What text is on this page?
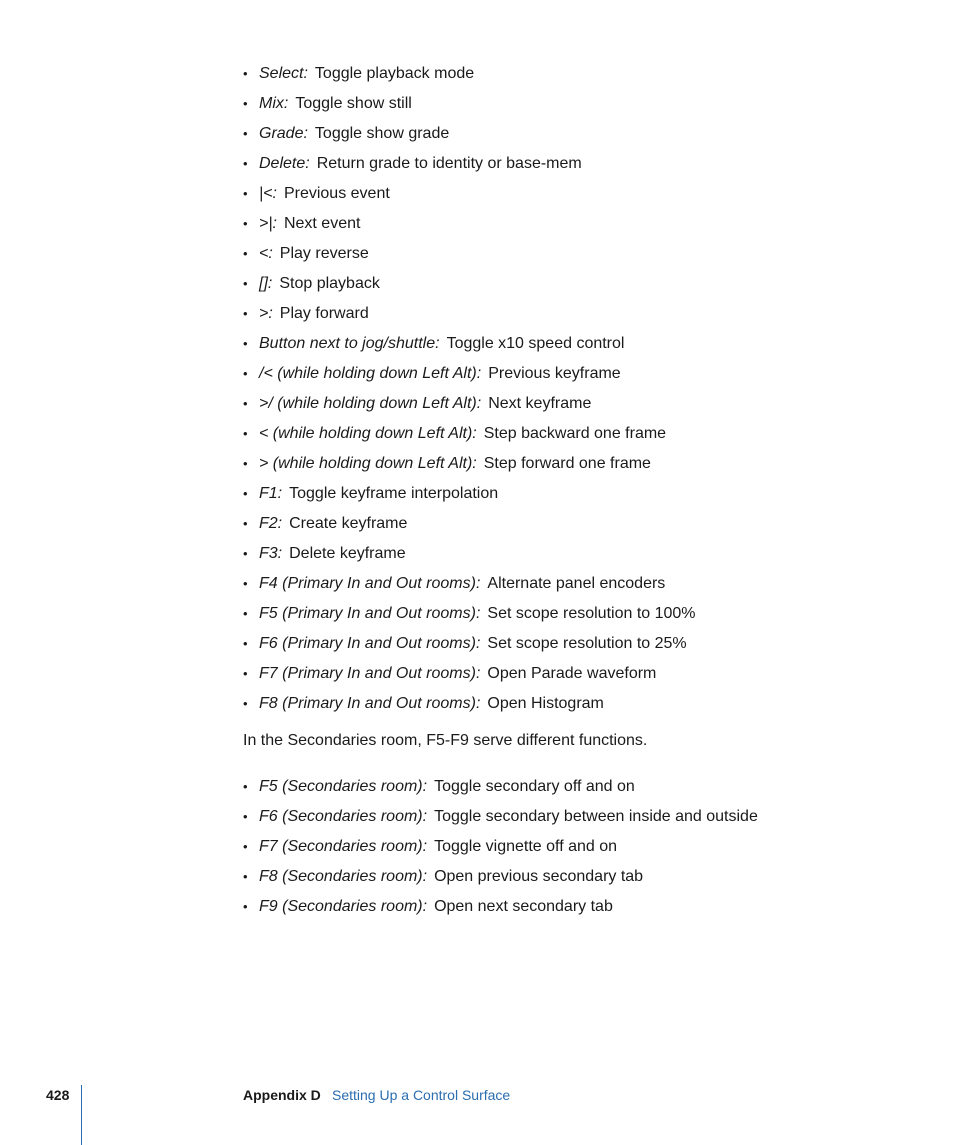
• Select: Toggle playback mode
• Mix: Toggle show still
• Grade: Toggle show grade
• Delete: Return grade to identity or base-mem
• |<: Previous event
• >|: Next event
• <: Play reverse
• []: Stop playback
• >: Play forward
• Button next to jog/shuttle: Toggle x10 speed control
• /< (while holding down Left Alt): Previous keyframe
• >/ (while holding down Left Alt): Next keyframe
• < (while holding down Left Alt): Step backward one frame
• > (while holding down Left Alt): Step forward one frame
• F1: Toggle keyframe interpolation
• F2: Create keyframe
• F3: Delete keyframe
• F4 (Primary In and Out rooms): Alternate panel encoders
• F5 (Primary In and Out rooms): Set scope resolution to 100%
• F6 (Primary In and Out rooms): Set scope resolution to 25%
• F7 (Primary In and Out rooms): Open Parade waveform
• F8 (Primary In and Out rooms): Open Histogram

In the Secondaries room, F5-F9 serve different functions.

• F5 (Secondaries room): Toggle secondary off and on
• F6 (Secondaries room): Toggle secondary between inside and outside
• F7 (Secondaries room): Toggle vignette off and on
• F8 (Secondaries room): Open previous secondary tab
• F9 (Secondaries room): Open next secondary tab
428	Appendix D Setting Up a Control Surface
